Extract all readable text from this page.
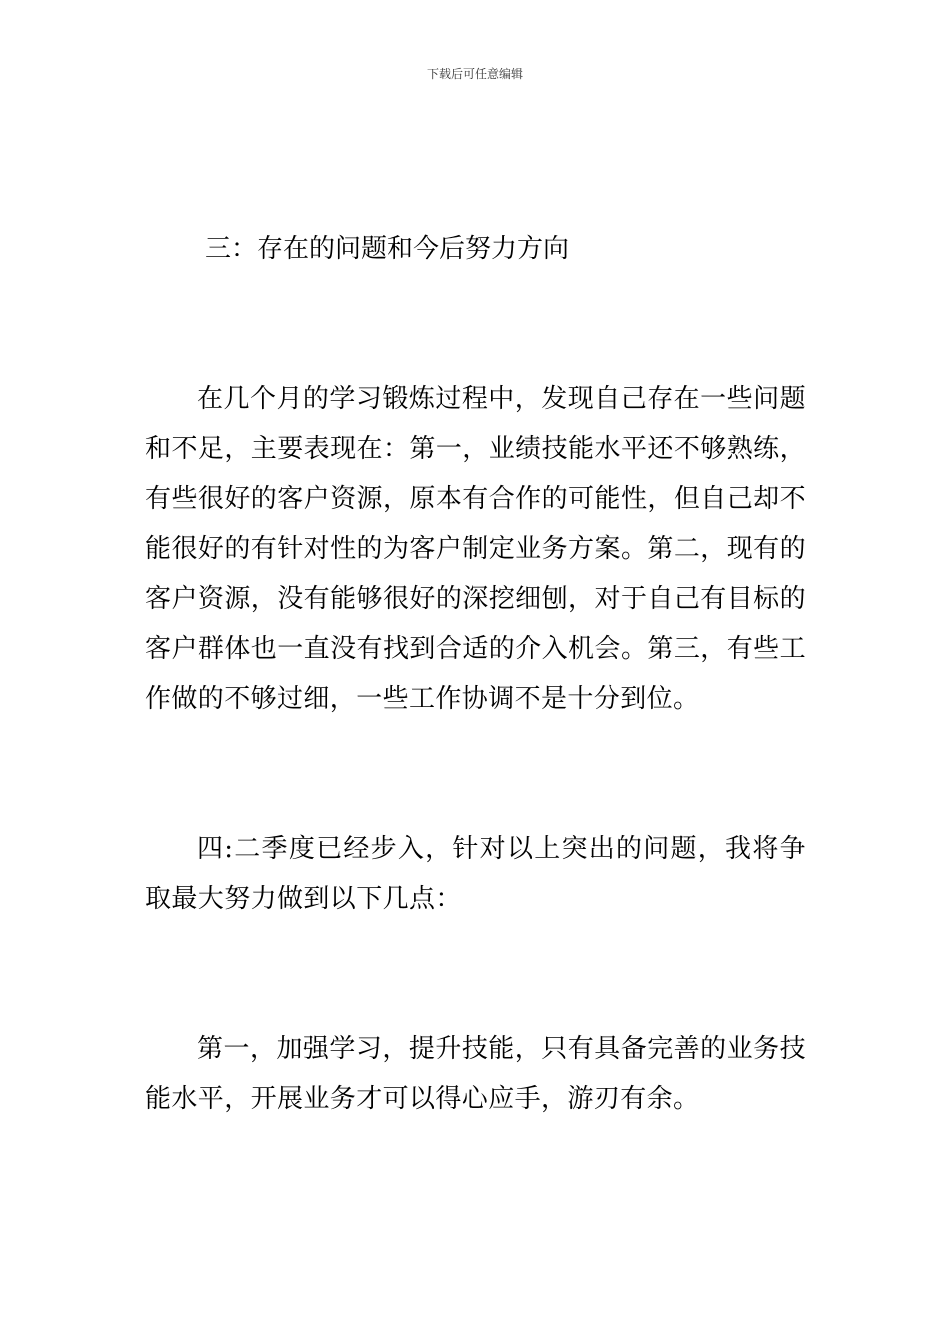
下载后可任意编辑
三：存在的问题和今后努力方向

在几个月的学习锻炼过程中，发现自己存在一些问题和不足，主要表现在：第一，业绩技能水平还不够熟练，有些很好的客户资源，原本有合作的可能性，但自己却不能很好的有针对性的为客户制定业务方案。第二，现有的客户资源，没有能够很好的深挖细刨，对于自己有目标的客户群体也一直没有找到合适的介入机会。第三，有些工作做的不够过细，一些工作协调不是十分到位。

四:二季度已经步入，针对以上突出的问题，我将争取最大努力做到以下几点：

第一，加强学习，提升技能，只有具备完善的业务技能水平，开展业务才可以得心应手，游刃有余。
